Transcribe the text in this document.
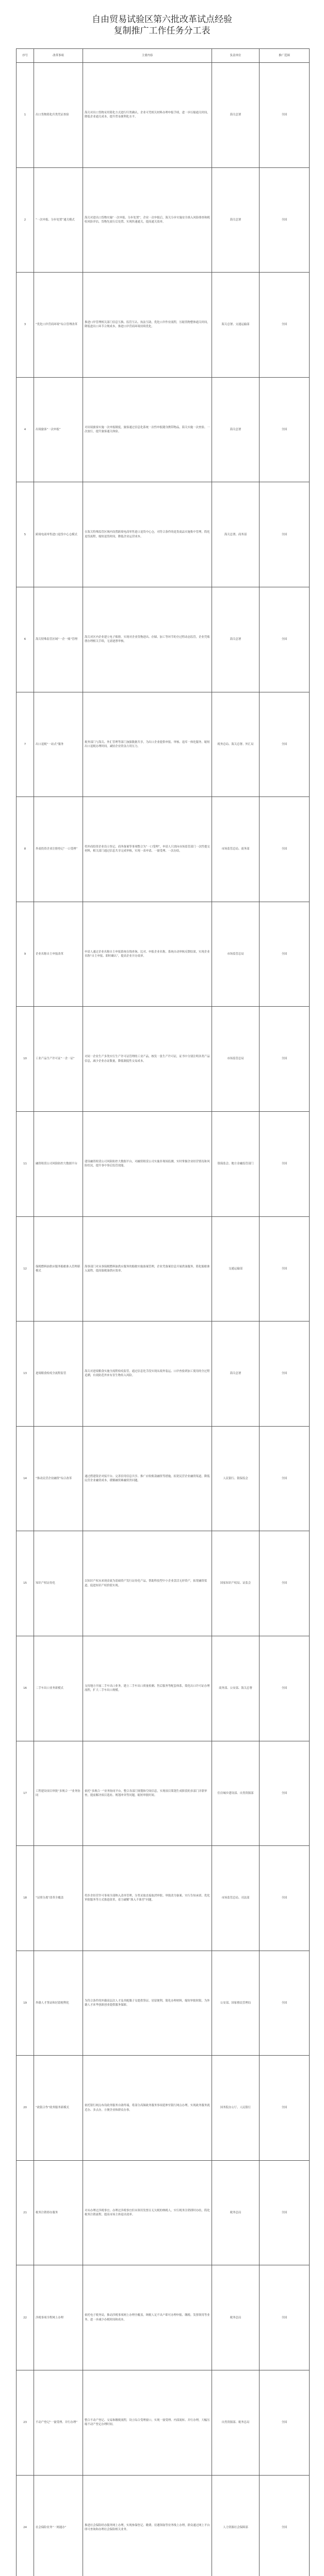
自由贸易试验区第六批改革试点经验
复制推广工作任务分工表
序号	改革事项	主要内容	负责单位	推广范围
1	出口货物简化归类凭证查验	海关对出口货物采用简化方式进行归类确认，企业可凭相关材料办理申报手续，进一步压缩通关时间，降低企业通关成本，提升贸易便利化水平。	海关总署	全国
2	“一次申报、分步处置”通关模式	海关对进出口货物实施“一次申报、分步处置”，企业一次申报后，海关分步实施安全准入风险排查和税收风险评估，货物先放行后处置，实现快速通关，提高通关效率。	海关总署	全国
3	“优化口岸营商环境”综合管理改革	推进口岸管理相关部门信息互换、监管互认、执法互助，优化口岸作业流程，压缩货物整体通关时间，降低进出口环节合规成本，推进口岸营商环境持续优化。	海关总署、交通运输部	全国
4	出境旅客“一次申报”	对出境旅客实施一次申报制度，旅客通过信息化系统一次性申报随身携带物品，海关实施一次查验、一次放行，提升旅客通关体验。	海关总署	全国
5	跨境电商零售进口退货中心仓模式	在海关特殊监管区域内设置跨境电商零售进口退货中心仓，对符合条件的退货商品实施集中管理，简化退货流程，缩短退货时间，降低企业运营成本。	海关总署、商务部	全国
6	海关特殊监管区域“一企一账”管理	海关对区内企业建立电子账册，实现对企业货物进出、存储、加工等环节的全过程动态监管，企业凭账册办理相关手续，无需逐票审核。	海关总署	全国
7	出口退税“一站式”服务	税务部门与海关、外汇管理等部门加强数据共享，为出口企业提供申报、审核、退库一体化服务，缩短出口退税办理时间，减轻企业资金占用压力。	税务总局、海关总署、外汇局	全国
8	外商投资企业注册登记“一口受理”	将外商投资企业设立登记、商务备案等事项整合为“一口受理”，申请人只需向市场监管部门一次性提交材料，相关部门通过信息共享完成审核，实现一表申请、一窗受理、一次办结。	市场监管总局、商务部	全国
9	企业名称自主申报改革	申请人通过企业名称自主申报系统在线查询、比对、申报企业名称，系统自动审核反馈结果，实现企业名称“自主申报、即时确认”，提高企业开办效率。	市场监管总局	全国
10	工业产品生产许可证“一企一证”	对同一企业生产多类实行生产许可证管理的工业产品，核发一张生产许可证，证书中分别注明各类产品信息，减少企业办证数量，降低制度性交易成本。	市场监管总局	全国
11	融资租赁公司风险防控大数据平台	建设融资租赁公司风险防控大数据平台，对融资租赁公司实施非现场监测，实时掌握企业经营情况和风险状况，提升事中事后监管效能。	银保监会、地方金融监管部门	全国
12	保税燃料油供应服务船舶准入管理新模式	海事部门对从事保税燃料油供应服务的船舶实施备案管理，企业凭备案信息开展供油服务，简化船舶准入流程，提高保税油供应效率。	交通运输部	全国
13	进境粮食检疫全流程监管	海关对进境粮食实施全流程检疫监管，通过信息化手段实现从境外装运、口岸查验到加工使用的全过程追溯，有效防范外来有害生物传入风险。	海关总署	全国
14	“推动民营企业融资”综合改革	通过搭建银企对接平台、完善信用信息共享、推广应收账款融资等措施，拓宽民营企业融资渠道，降低民营企业融资成本，缓解融资难融资贵问题。	人民银行、银保监会	全国
15	知识产权证券化	以知识产权未来现金流为基础资产发行证券化产品，帮助科技型中小企业盘活无形资产，拓宽融资渠道，促进知识产权价值实现。	国家知识产权局、证监会	全国
16	二手车出口业务新模式	支持地方开展二手车出口业务，建立二手车出口质量检测、售后服务等配套体系，简化出口许可证办理流程，扩大二手车出口规模。	商务部、公安部、海关总署	全国
17	工程建设项目审批“多规合一”业务协同	依托“多规合一”业务协同平台，整合各部门规划和空间信息，实现项目策划生成阶段的多部门并联审查，提前解决项目选址、规划冲突等问题，缩短审批时间。	住房城乡建设部、自然资源部	全国
18	“证照分离”改革全覆盖	将涉企经营许可事项全部纳入清单管理，分类采取直接取消审批、审批改为备案、实行告知承诺、优化审批服务等方式推进改革，着力破解“准入不准营”问题。	市场监管总局、司法部	全国
19	外籍人才签证和居留便利化	为符合条件的外籍高层次人才及其配偶子女提供签证、居留便利，简化办理材料，缩短审批时限，为外籍人才来华创新创业提供服务保障。	公安部、国家移民管理局	全国
20	“政银合作”政务服务新模式	依托银行网点布设政务服务自助终端，将部分高频政务服务事项延伸至银行网点办理，实现政务服务就近办、多点办，方便企业和群众办事。	国务院办公厅、人民银行	全国
21	税务注销即办服务	对未办理过涉税事宜、办理过涉税事宜但未领用发票且无欠税的纳税人，实行税务注销即时办结，简化税务注销流程，提高市场主体退出效率。	税务总局	全国
22	涉税事项全程网上办理	依托电子税务局，推动涉税事项网上办理全覆盖，纳税人足不出户即可办理申报、缴税、发票领用等业务，进一步减少办税时间和成本。	税务总局	全国
23	不动产登记“一窗受理、并行办理”	整合不动产登记、交易和缴税流程，设立综合受理窗口，实现一窗受理、内部流转、并行办理，大幅压缩不动产登记办理时间。	自然资源部、税务总局	全国
24	社会保险业务“一网通办”	推进社会保险经办服务网上办理，实现参保登记、缴费、待遇领取等业务线上办理，群众通过网上平台即可查询和办理社会保险相关业务。	人力资源社会保障部	全国
